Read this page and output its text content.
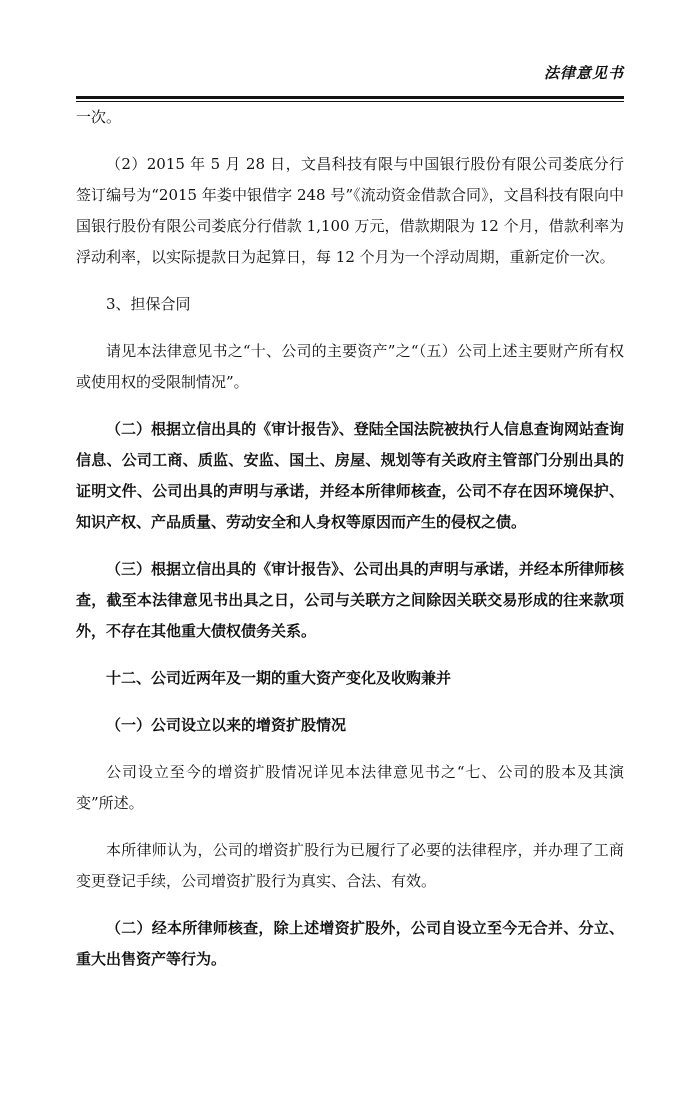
法律意见书

一次。

（2）2015 年 5 月 28 日，文昌科技有限与中国银行股份有限公司娄底分行签订编号为“2015 年娄中银借字 248 号”《流动资金借款合同》，文昌科技有限向中国银行股份有限公司娄底分行借款 1,100 万元，借款期限为 12 个月，借款利率为浮动利率，以实际提款日为起算日，每 12 个月为一个浮动周期，重新定价一次。

3、担保合同

请见本法律意见书之“十、公司的主要资产”之“（五）公司上述主要财产所有权或使用权的受限制情况”。

（二）根据立信出具的《审计报告》、登陆全国法院被执行人信息查询网站查询信息、公司工商、质监、安监、国土、房屋、规划等有关政府主管部门分别出具的证明文件、公司出具的声明与承诺，并经本所律师核查，公司不存在因环境保护、知识产权、产品质量、劳动安全和人身权等原因而产生的侵权之债。

（三）根据立信出具的《审计报告》、公司出具的声明与承诺，并经本所律师核查，截至本法律意见书出具之日，公司与关联方之间除因关联交易形成的往来款项外，不存在其他重大债权债务关系。

十二、公司近两年及一期的重大资产变化及收购兼并

（一）公司设立以来的增资扩股情况

公司设立至今的增资扩股情况详见本法律意见书之“七、公司的股本及其演变”所述。

本所律师认为，公司的增资扩股行为已履行了必要的法律程序，并办理了工商变更登记手续，公司增资扩股行为真实、合法、有效。

（二）经本所律师核查，除上述增资扩股外，公司自设立至今无合并、分立、重大出售资产等行为。
